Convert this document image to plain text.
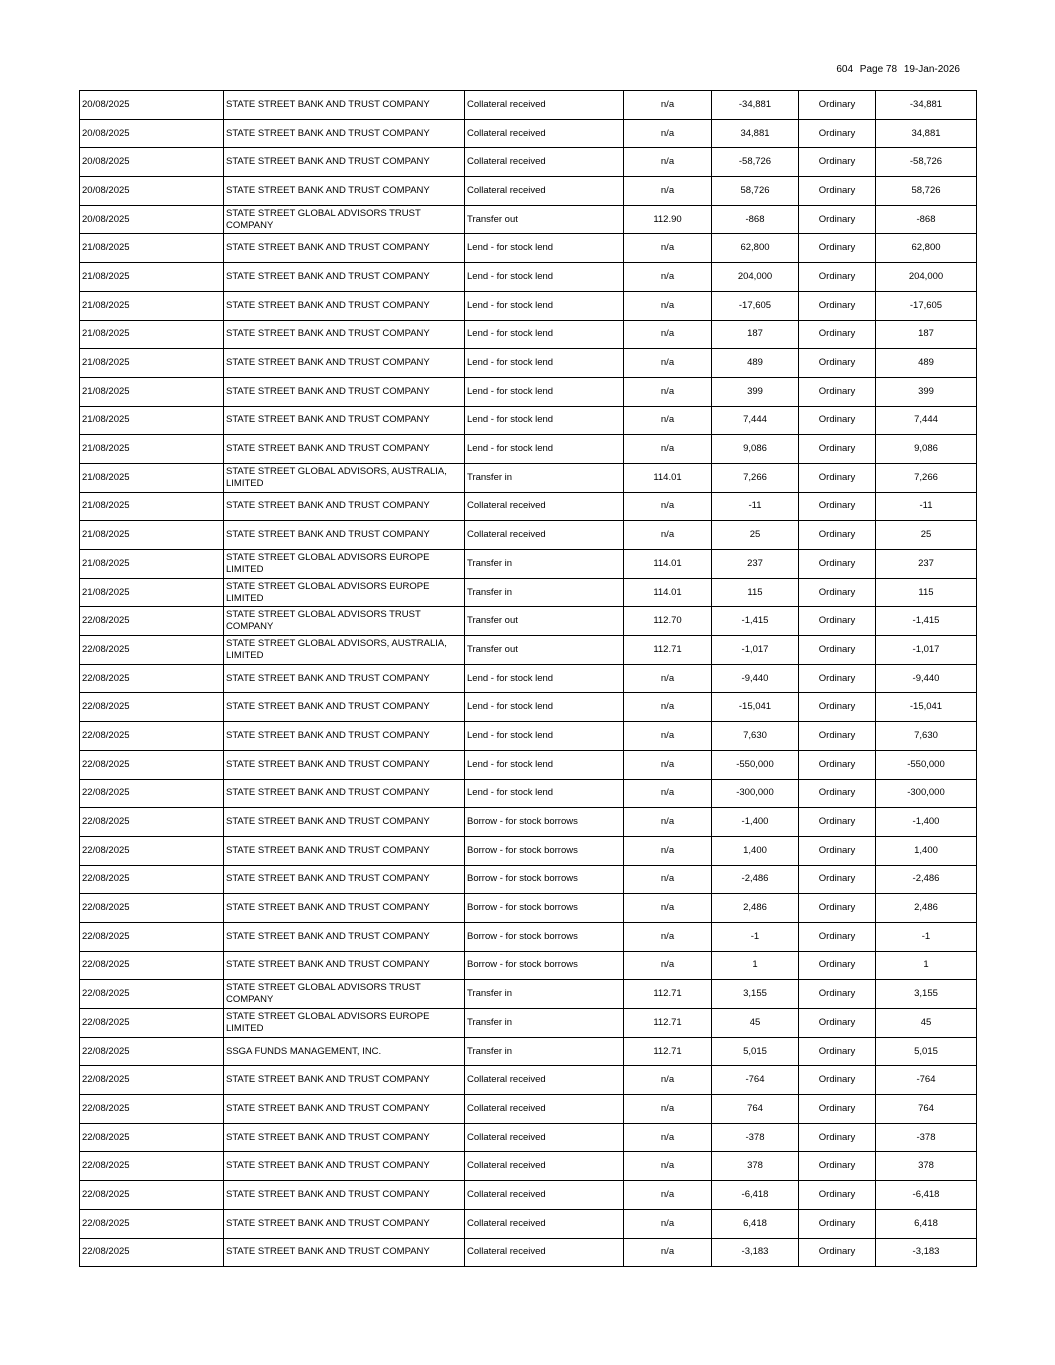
604 Page 78 19-Jan-2026
20/08/2025	STATE STREET BANK AND TRUST COMPANY	Collateral received	n/a	-34,881	Ordinary	-34,881
20/08/2025	STATE STREET BANK AND TRUST COMPANY	Collateral received	n/a	34,881	Ordinary	34,881
20/08/2025	STATE STREET BANK AND TRUST COMPANY	Collateral received	n/a	-58,726	Ordinary	-58,726
20/08/2025	STATE STREET BANK AND TRUST COMPANY	Collateral received	n/a	58,726	Ordinary	58,726
20/08/2025	STATE STREET GLOBAL ADVISORS TRUST COMPANY	Transfer out	112.90	-868	Ordinary	-868
21/08/2025	STATE STREET BANK AND TRUST COMPANY	Lend - for stock lend	n/a	62,800	Ordinary	62,800
21/08/2025	STATE STREET BANK AND TRUST COMPANY	Lend - for stock lend	n/a	204,000	Ordinary	204,000
21/08/2025	STATE STREET BANK AND TRUST COMPANY	Lend - for stock lend	n/a	-17,605	Ordinary	-17,605
21/08/2025	STATE STREET BANK AND TRUST COMPANY	Lend - for stock lend	n/a	187	Ordinary	187
21/08/2025	STATE STREET BANK AND TRUST COMPANY	Lend - for stock lend	n/a	489	Ordinary	489
21/08/2025	STATE STREET BANK AND TRUST COMPANY	Lend - for stock lend	n/a	399	Ordinary	399
21/08/2025	STATE STREET BANK AND TRUST COMPANY	Lend - for stock lend	n/a	7,444	Ordinary	7,444
21/08/2025	STATE STREET BANK AND TRUST COMPANY	Lend - for stock lend	n/a	9,086	Ordinary	9,086
21/08/2025	STATE STREET GLOBAL ADVISORS, AUSTRALIA, LIMITED	Transfer in	114.01	7,266	Ordinary	7,266
21/08/2025	STATE STREET BANK AND TRUST COMPANY	Collateral received	n/a	-11	Ordinary	-11
21/08/2025	STATE STREET BANK AND TRUST COMPANY	Collateral received	n/a	25	Ordinary	25
21/08/2025	STATE STREET GLOBAL ADVISORS EUROPE LIMITED	Transfer in	114.01	237	Ordinary	237
21/08/2025	STATE STREET GLOBAL ADVISORS EUROPE LIMITED	Transfer in	114.01	115	Ordinary	115
22/08/2025	STATE STREET GLOBAL ADVISORS TRUST COMPANY	Transfer out	112.70	-1,415	Ordinary	-1,415
22/08/2025	STATE STREET GLOBAL ADVISORS, AUSTRALIA, LIMITED	Transfer out	112.71	-1,017	Ordinary	-1,017
22/08/2025	STATE STREET BANK AND TRUST COMPANY	Lend - for stock lend	n/a	-9,440	Ordinary	-9,440
22/08/2025	STATE STREET BANK AND TRUST COMPANY	Lend - for stock lend	n/a	-15,041	Ordinary	-15,041
22/08/2025	STATE STREET BANK AND TRUST COMPANY	Lend - for stock lend	n/a	7,630	Ordinary	7,630
22/08/2025	STATE STREET BANK AND TRUST COMPANY	Lend - for stock lend	n/a	-550,000	Ordinary	-550,000
22/08/2025	STATE STREET BANK AND TRUST COMPANY	Lend - for stock lend	n/a	-300,000	Ordinary	-300,000
22/08/2025	STATE STREET BANK AND TRUST COMPANY	Borrow - for stock borrows	n/a	-1,400	Ordinary	-1,400
22/08/2025	STATE STREET BANK AND TRUST COMPANY	Borrow - for stock borrows	n/a	1,400	Ordinary	1,400
22/08/2025	STATE STREET BANK AND TRUST COMPANY	Borrow - for stock borrows	n/a	-2,486	Ordinary	-2,486
22/08/2025	STATE STREET BANK AND TRUST COMPANY	Borrow - for stock borrows	n/a	2,486	Ordinary	2,486
22/08/2025	STATE STREET BANK AND TRUST COMPANY	Borrow - for stock borrows	n/a	-1	Ordinary	-1
22/08/2025	STATE STREET BANK AND TRUST COMPANY	Borrow - for stock borrows	n/a	1	Ordinary	1
22/08/2025	STATE STREET GLOBAL ADVISORS TRUST COMPANY	Transfer in	112.71	3,155	Ordinary	3,155
22/08/2025	STATE STREET GLOBAL ADVISORS EUROPE LIMITED	Transfer in	112.71	45	Ordinary	45
22/08/2025	SSGA FUNDS MANAGEMENT, INC.	Transfer in	112.71	5,015	Ordinary	5,015
22/08/2025	STATE STREET BANK AND TRUST COMPANY	Collateral received	n/a	-764	Ordinary	-764
22/08/2025	STATE STREET BANK AND TRUST COMPANY	Collateral received	n/a	764	Ordinary	764
22/08/2025	STATE STREET BANK AND TRUST COMPANY	Collateral received	n/a	-378	Ordinary	-378
22/08/2025	STATE STREET BANK AND TRUST COMPANY	Collateral received	n/a	378	Ordinary	378
22/08/2025	STATE STREET BANK AND TRUST COMPANY	Collateral received	n/a	-6,418	Ordinary	-6,418
22/08/2025	STATE STREET BANK AND TRUST COMPANY	Collateral received	n/a	6,418	Ordinary	6,418
22/08/2025	STATE STREET BANK AND TRUST COMPANY	Collateral received	n/a	-3,183	Ordinary	-3,183
